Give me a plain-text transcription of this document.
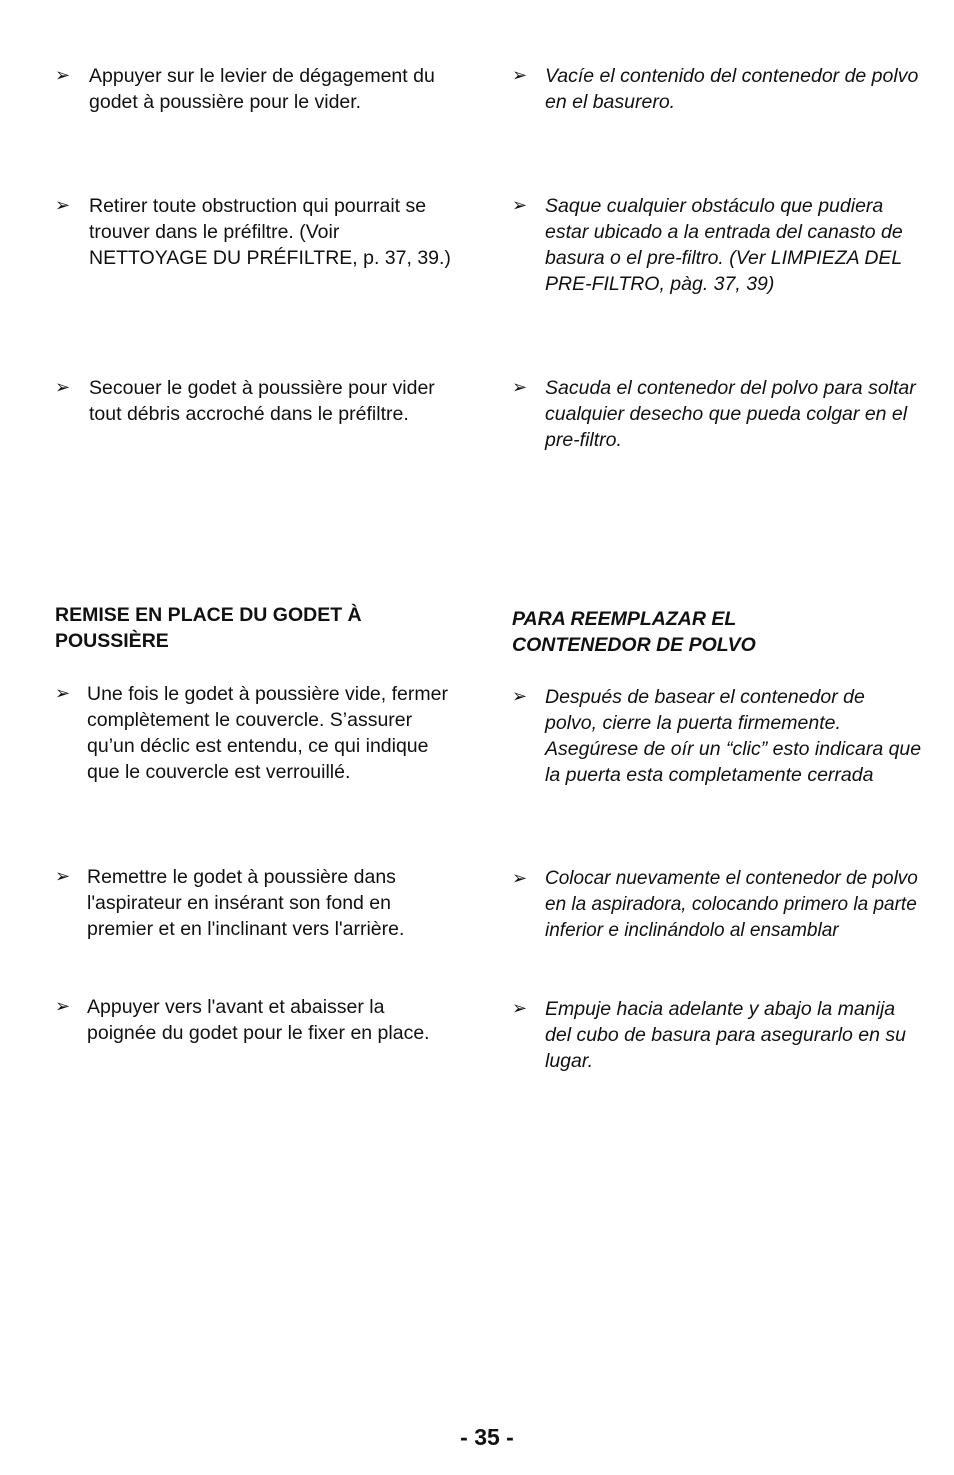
➢ Appuyer sur le levier de dégagement du godet à poussière pour le vider.
➢ Retirer toute obstruction qui pourrait se trouver dans le préfiltre. (Voir NETTOYAGE DU PRÉFILTRE, p. 37, 39.)
➢ Secouer le godet à poussière pour vider tout débris accroché dans le préfiltre.
REMISE EN PLACE DU GODET À POUSSIÈRE
➢ Une fois le godet à poussière vide, fermer complètement le couvercle. S’assurer qu’un déclic est entendu, ce qui indique que le couvercle est verrouillé.
➢ Remettre le godet à poussière dans l'aspirateur en insérant son fond en premier et en l'inclinant vers l'arrière.
➢ Appuyer vers l'avant et abaisser la poignée du godet pour le fixer en place.
➢ Vacíe el contenido del contenedor de polvo en el basurero.
➢ Saque cualquier obstáculo que pudiera estar ubicado a la entrada del canasto de basura o el pre-filtro. (Ver LIMPIEZA DEL PRE-FILTRO, pàg. 37, 39)
➢ Sacuda el contenedor del polvo para soltar cualquier desecho que pueda colgar en el pre-filtro.
PARA REEMPLAZAR EL CONTENEDOR DE POLVO
➢ Después de basear el contenedor de polvo, cierre la puerta firmemente. Asegúrese de oír un “clic” esto indicara que la puerta esta completamente cerrada
➢ Colocar nuevamente el contenedor de polvo en la aspiradora, colocando primero la parte inferior e inclinándolo al ensamblar
➢ Empuje hacia adelante y abajo la manija del cubo de basura para asegurarlo en su lugar.
- 35 -
